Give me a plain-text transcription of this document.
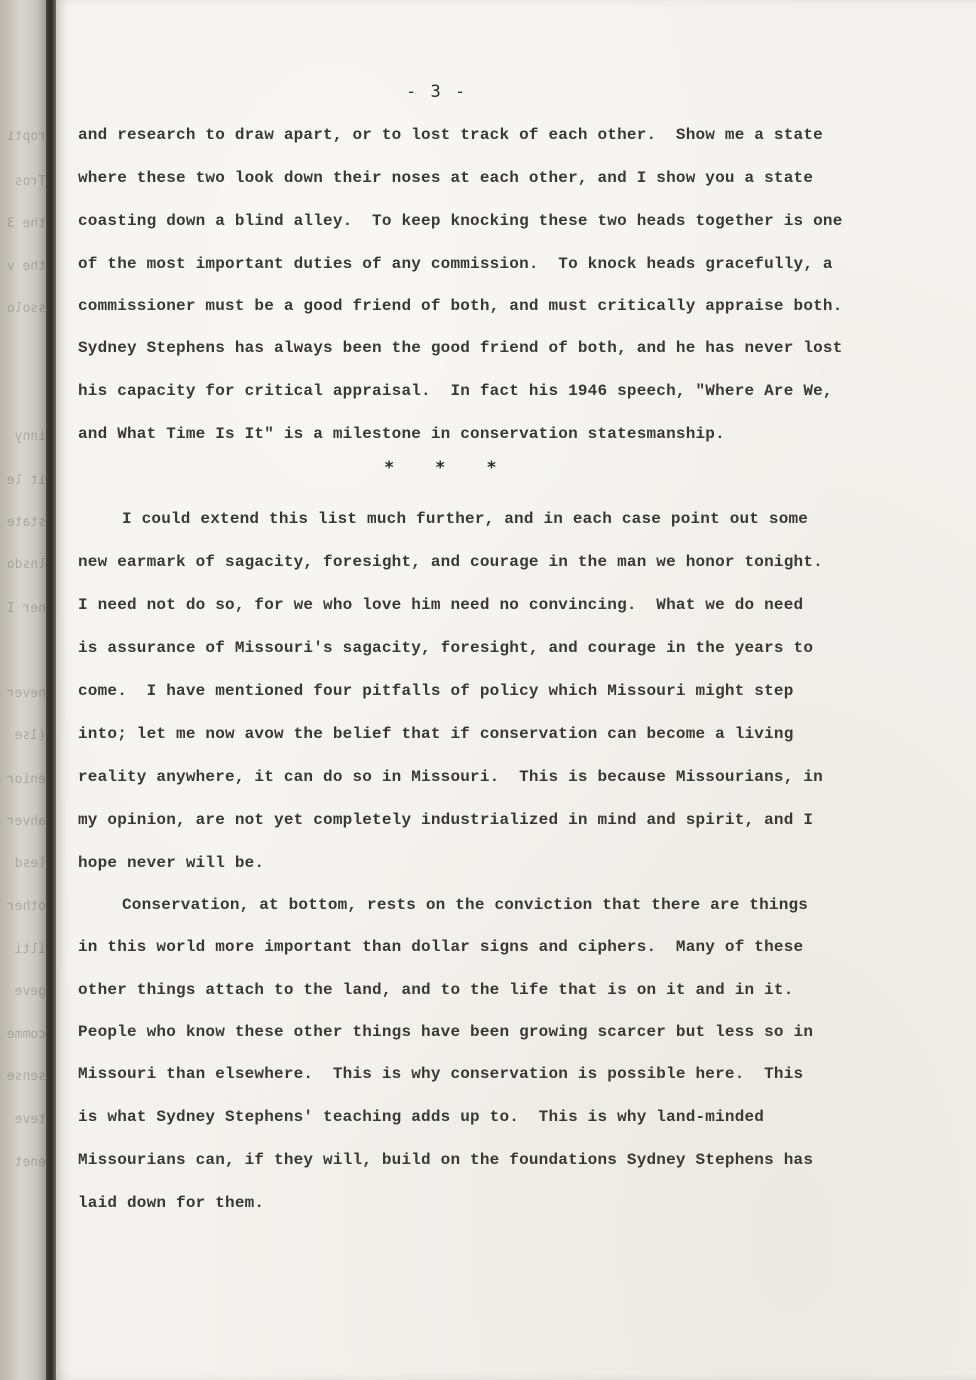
ropti
Tros
the 3
the v
ssolo
inny
it le
state
lnsdo
ner I
never
(1se
enior
ahver
lesd
other
ilti
geve
comme
sense
teve
enet
- 3 -
and research to draw apart, or to lost track of each other.  Show me a state
where these two look down their noses at each other, and I show you a state
coasting down a blind alley.  To keep knocking these two heads together is one
of the most important duties of any commission.  To knock heads gracefully, a
commissioner must be a good friend of both, and must critically appraise both.
Sydney Stephens has always been the good friend of both, and he has never lost
his capacity for critical appraisal.  In fact his 1946 speech, "Where Are We,
and What Time Is It" is a milestone in conservation statesmanship.
*    *    *
I could extend this list much further, and in each case point out some
new earmark of sagacity, foresight, and courage in the man we honor tonight.
I need not do so, for we who love him need no convincing.  What we do need
is assurance of Missouri's sagacity, foresight, and courage in the years to
come.  I have mentioned four pitfalls of policy which Missouri might step
into; let me now avow the belief that if conservation can become a living
reality anywhere, it can do so in Missouri.  This is because Missourians, in
my opinion, are not yet completely industrialized in mind and spirit, and I
hope never will be.
Conservation, at bottom, rests on the conviction that there are things
in this world more important than dollar signs and ciphers.  Many of these
other things attach to the land, and to the life that is on it and in it.
People who know these other things have been growing scarcer but less so in
Missouri than elsewhere.  This is why conservation is possible here.  This
is what Sydney Stephens' teaching adds up to.  This is why land-minded
Missourians can, if they will, build on the foundations Sydney Stephens has
laid down for them.
